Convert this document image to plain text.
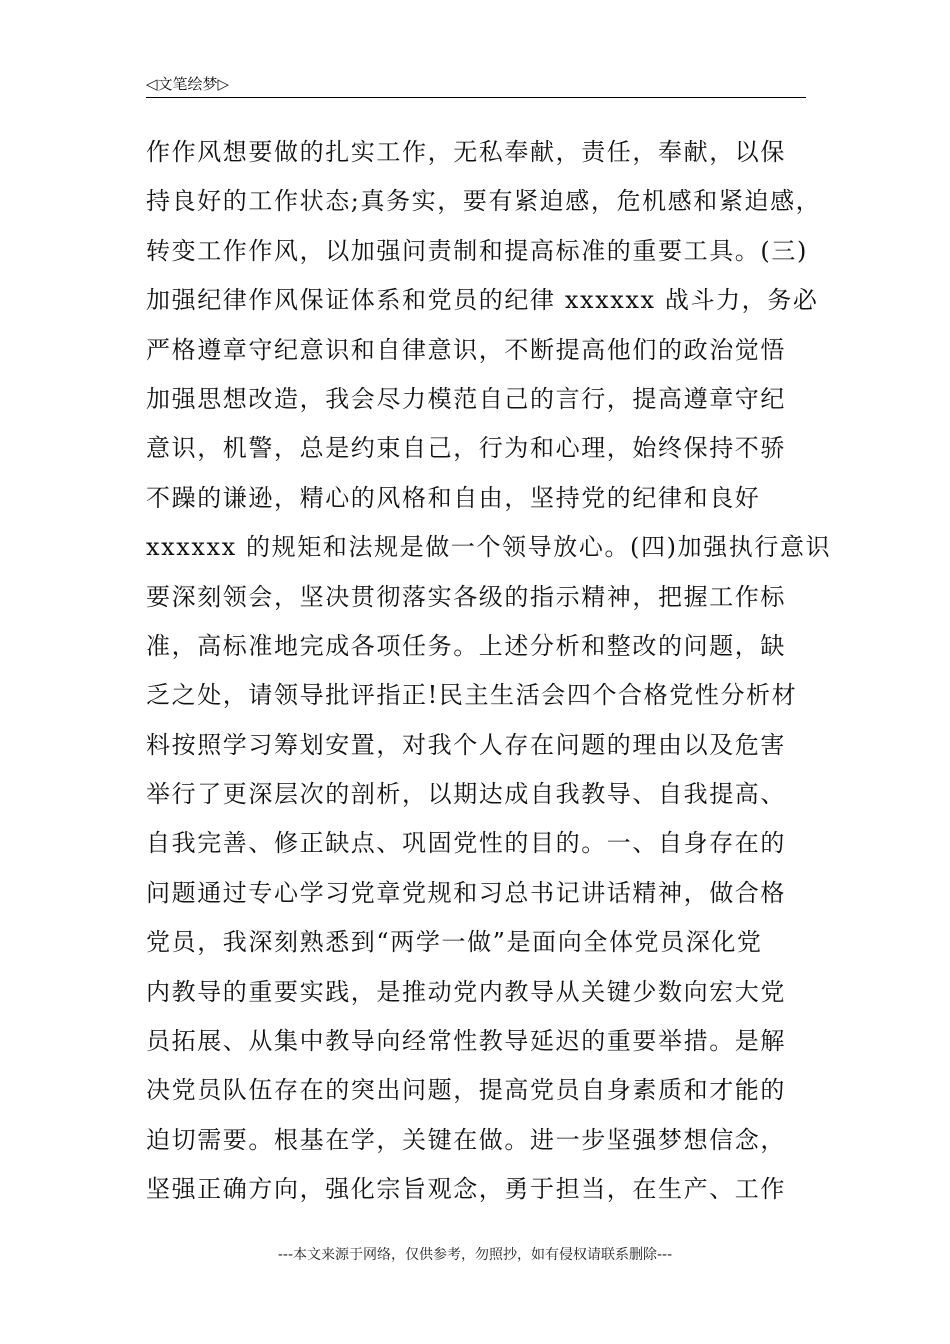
◁文笔绘梦▷
作作风想要做的扎实工作，无私奉献，责任，奉献，以保
持良好的工作状态;真务实，要有紧迫感，危机感和紧迫感，
转变工作作风，以加强问责制和提高标准的重要工具。(三)
加强纪律作风保证体系和党员的纪律 xxxxxx 战斗力，务必
严格遵章守纪意识和自律意识，不断提高他们的政治觉悟
加强思想改造，我会尽力模范自己的言行，提高遵章守纪
意识，机警，总是约束自己，行为和心理，始终保持不骄
不躁的谦逊，精心的风格和自由，坚持党的纪律和良好
xxxxxx 的规矩和法规是做一个领导放心。(四)加强执行意识
要深刻领会，坚决贯彻落实各级的指示精神，把握工作标
准，高标准地完成各项任务。上述分析和整改的问题，缺
乏之处，请领导批评指正!民主生活会四个合格党性分析材
料按照学习筹划安置，对我个人存在问题的理由以及危害
举行了更深层次的剖析，以期达成自我教导、自我提高、
自我完善、修正缺点、巩固党性的目的。一、自身存在的
问题通过专心学习党章党规和习总书记讲话精神，做合格
党员，我深刻熟悉到“两学一做”是面向全体党员深化党
内教导的重要实践，是推动党内教导从关键少数向宏大党
员拓展、从集中教导向经常性教导延迟的重要举措。是解
决党员队伍存在的突出问题，提高党员自身素质和才能的
迫切需要。根基在学，关键在做。进一步坚强梦想信念，
坚强正确方向，强化宗旨观念，勇于担当，在生产、工作
---本文来源于网络，仅供参考，勿照抄，如有侵权请联系删除---
